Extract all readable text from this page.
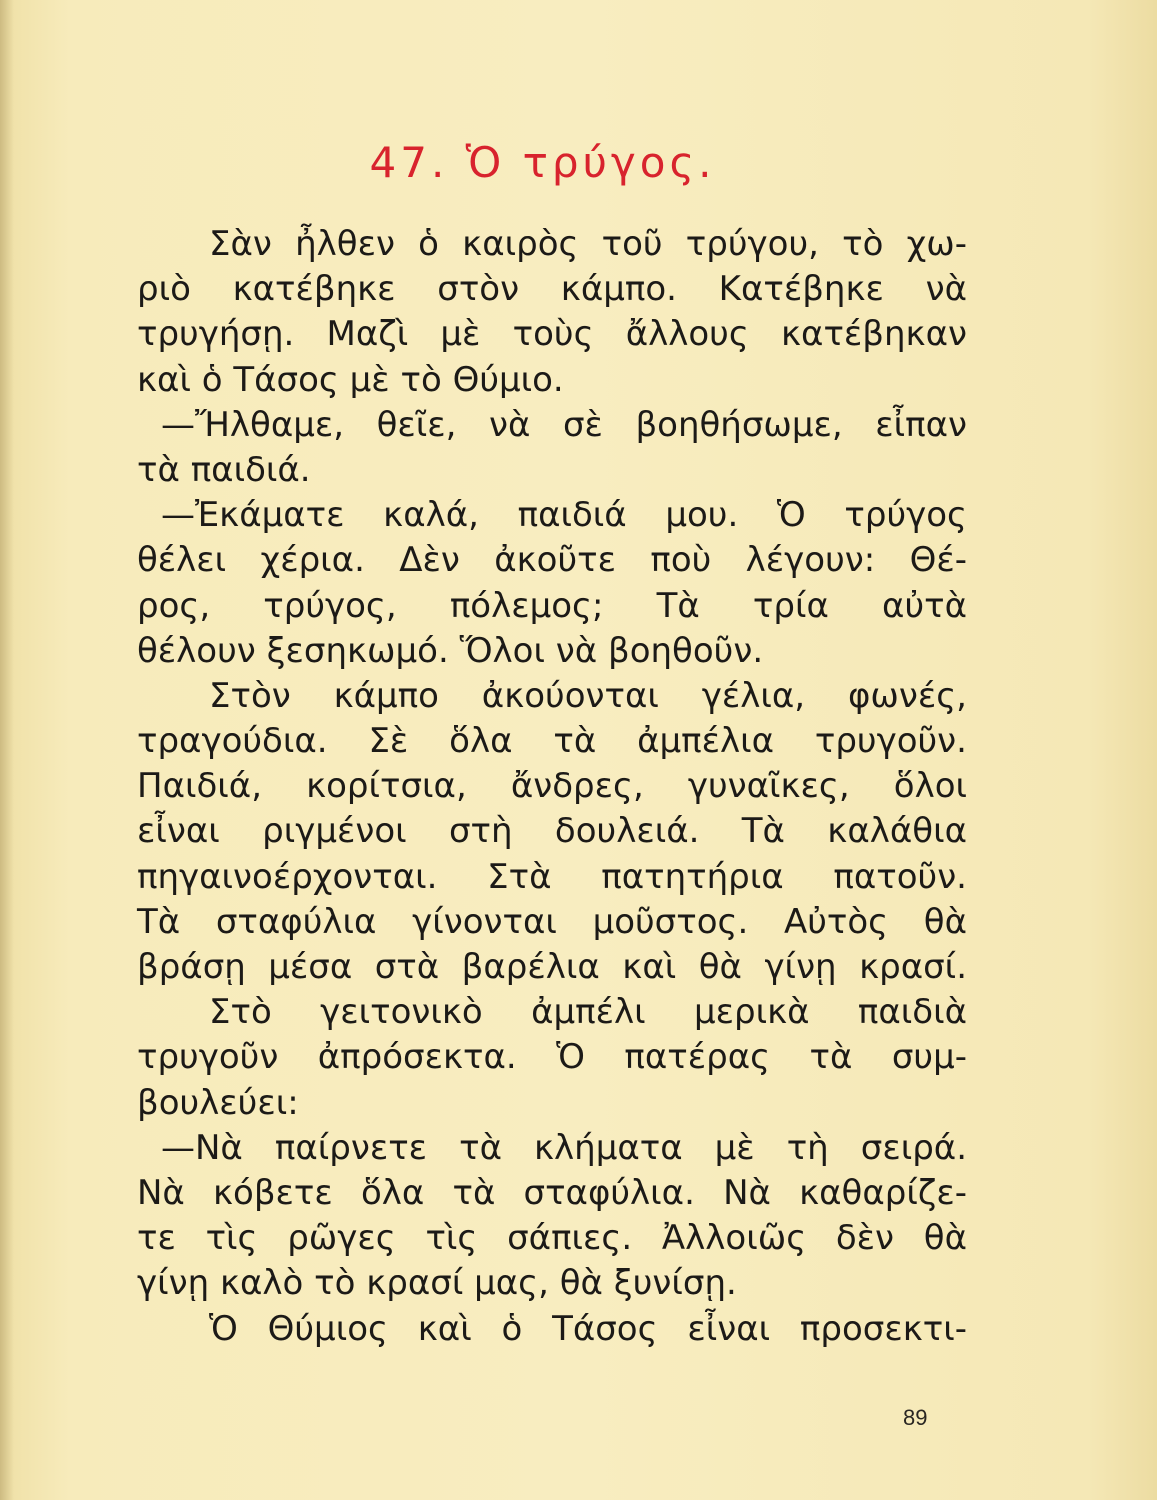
47. Ὁ τρύγος.
Σὰν ἦλθεν ὁ καιρὸς τοῦ τρύγου, τὸ χω-
ριὸ κατέβηκε στὸν κάμπο. Κατέβηκε νὰ
τρυγήσῃ. Μαζὶ μὲ τοὺς ἄλλους κατέβηκαν
καὶ ὁ Τάσος μὲ τὸ Θύμιο.
—Ἤλθαμε, θεῖε, νὰ σὲ βοηθήσωμε, εἶπαν
τὰ παιδιά.
—Ἐκάματε καλά, παιδιά μου. Ὁ τρύγος
θέλει χέρια. Δὲν ἀκοῦτε ποὺ λέγουν: Θέ-
ρος, τρύγος, πόλεμος; Τὰ τρία αὐτὰ
θέλουν ξεσηκωμό. Ὅλοι νὰ βοηθοῦν.
Στὸν κάμπο ἀκούονται γέλια, φωνές,
τραγούδια. Σὲ ὅλα τὰ ἀμπέλια τρυγοῦν.
Παιδιά, κορίτσια, ἄνδρες, γυναῖκες, ὅλοι
εἶναι ριγμένοι στὴ δουλειά. Τὰ καλάθια
πηγαινοέρχονται. Στὰ πατητήρια πατοῦν.
Τὰ σταφύλια γίνονται μοῦστος. Αὐτὸς θὰ
βράσῃ μέσα στὰ βαρέλια καὶ θὰ γίνῃ κρασί.
Στὸ γειτονικὸ ἀμπέλι μερικὰ παιδιὰ
τρυγοῦν ἀπρόσεκτα. Ὁ πατέρας τὰ συμ-
βουλεύει:
—Νὰ παίρνετε τὰ κλήματα μὲ τὴ σειρά.
Νὰ κόβετε ὅλα τὰ σταφύλια. Νὰ καθαρίζε-
τε τὶς ρῶγες τὶς σάπιες. Ἀλλοιῶς δὲν θὰ
γίνῃ καλὸ τὸ κρασί μας, θὰ ξυνίσῃ.
Ὁ Θύμιος καὶ ὁ Τάσος εἶναι προσεκτι-
89
